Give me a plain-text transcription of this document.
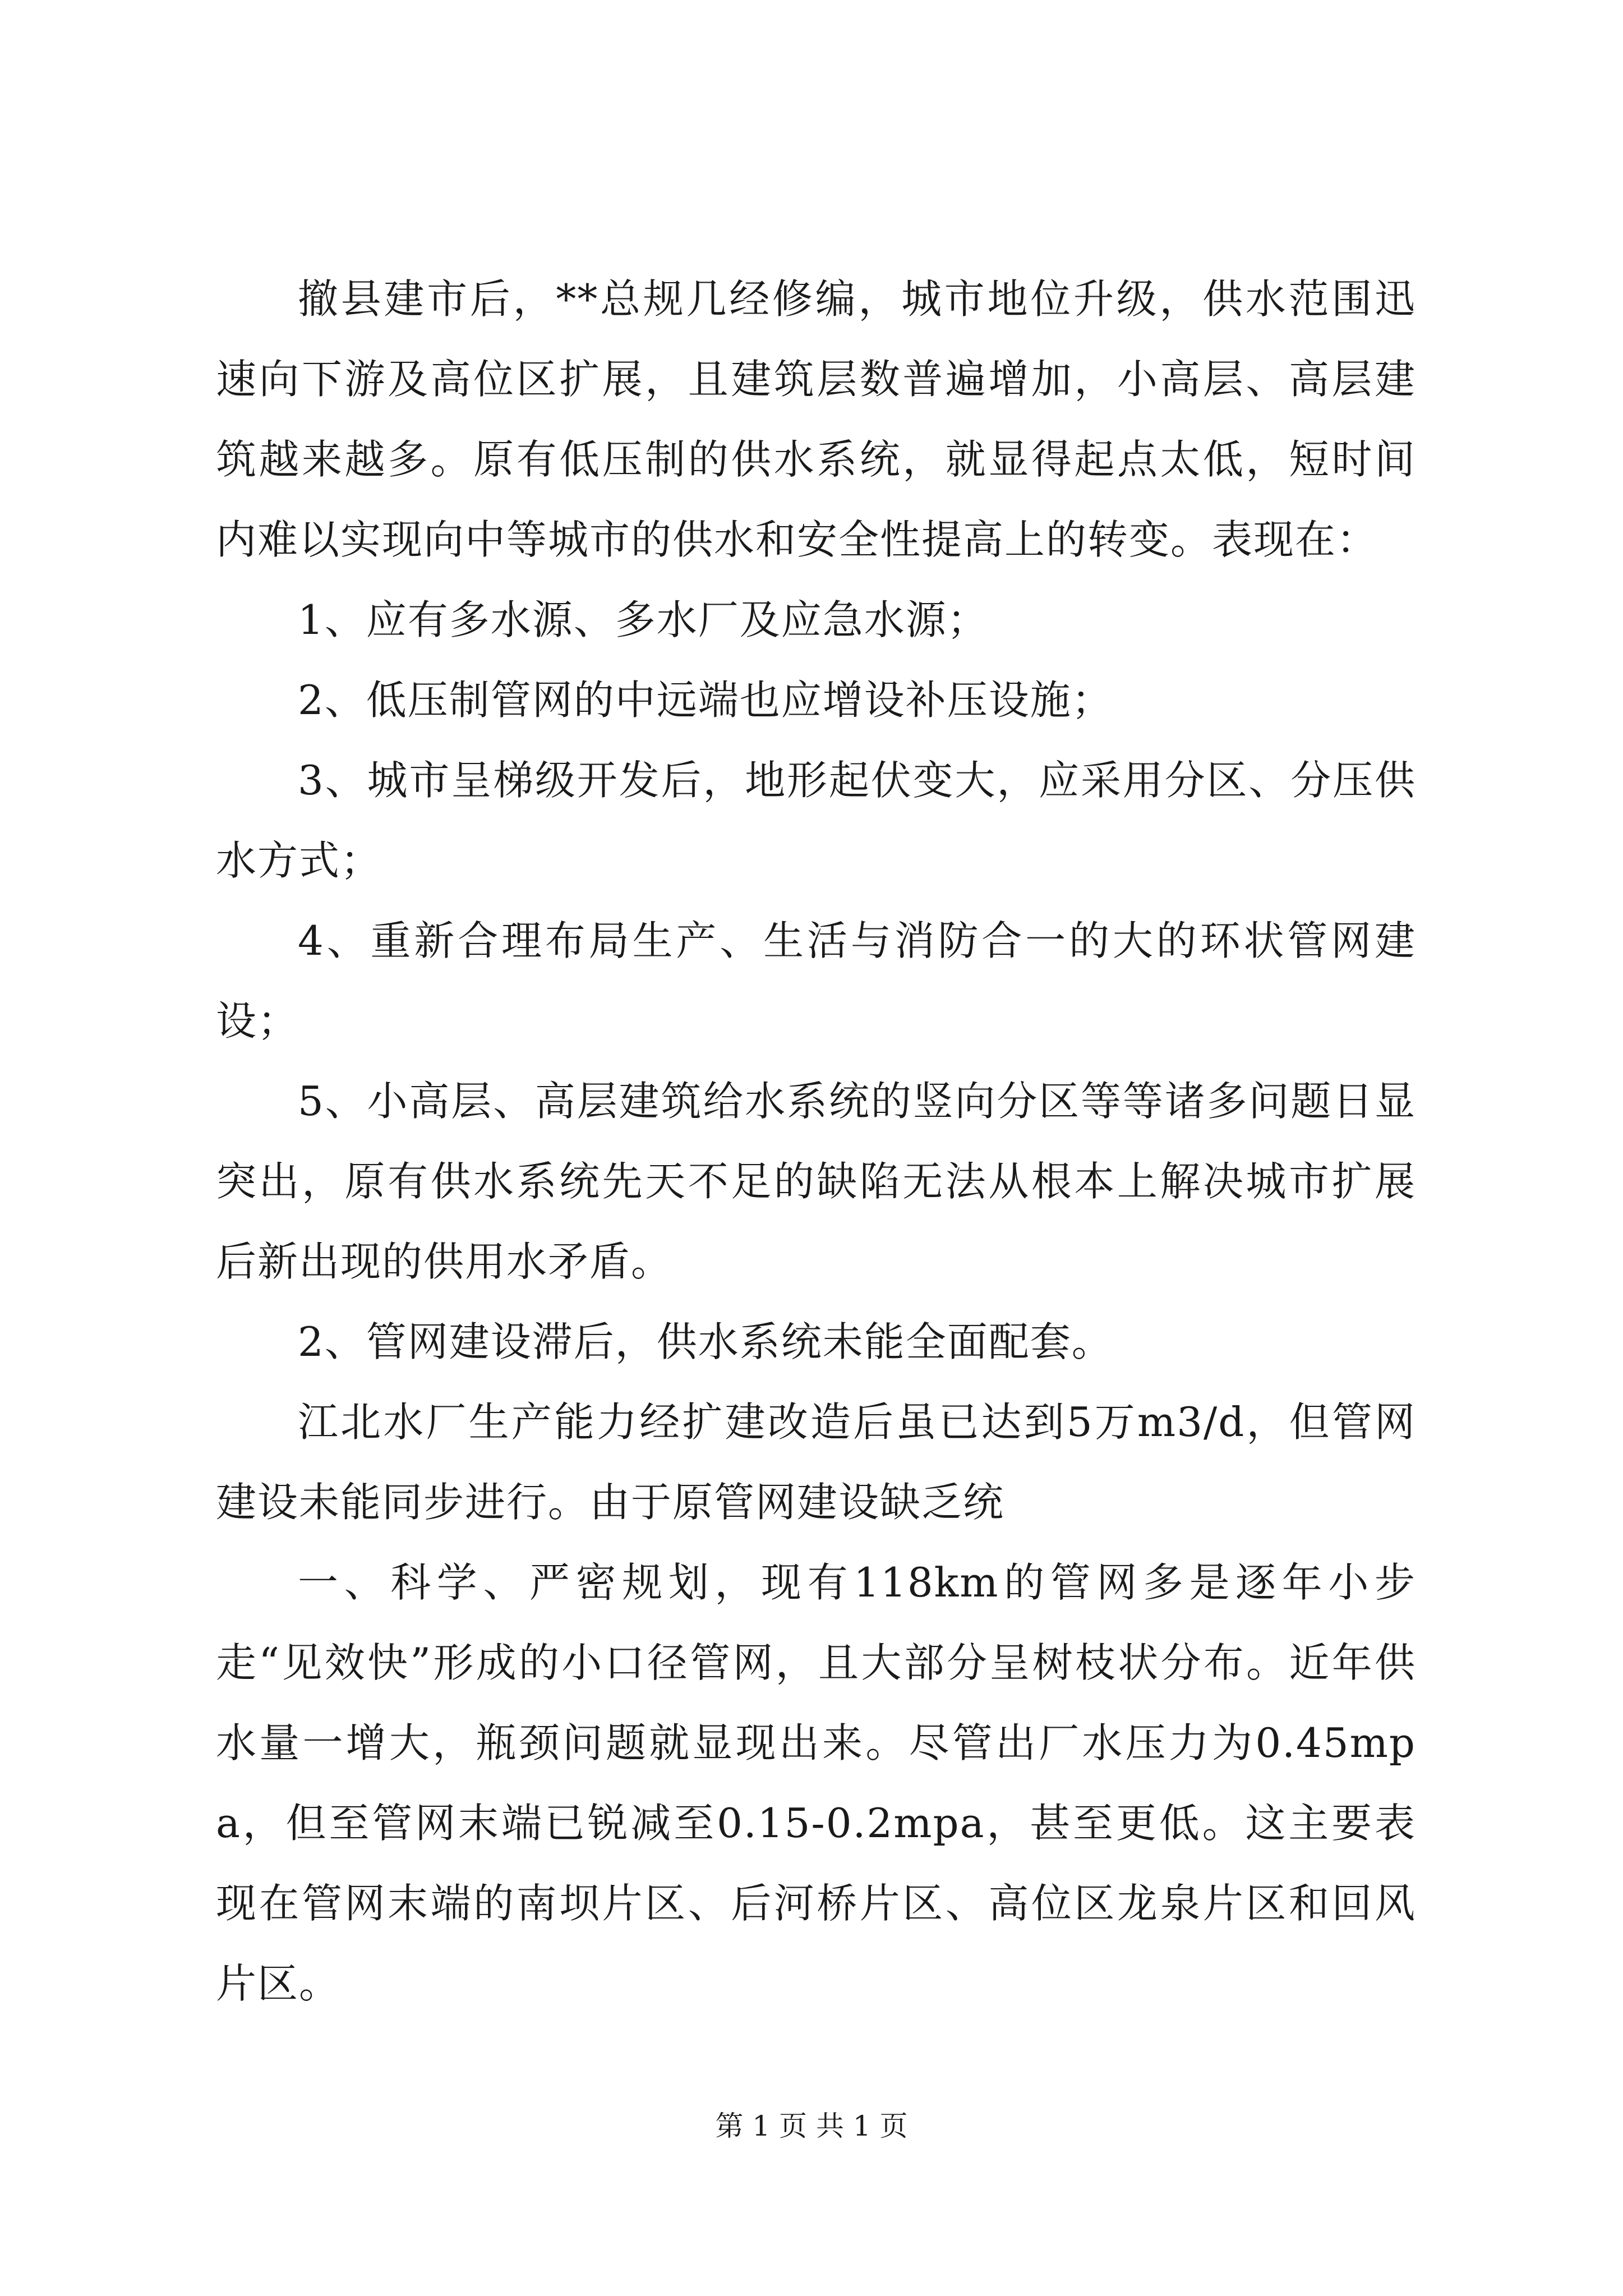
撤县建市后，**总规几经修编，城市地位升级，供水范围迅速向下游及高位区扩展，且建筑层数普遍增加，小高层、高层建筑越来越多。原有低压制的供水系统，就显得起点太低，短时间内难以实现向中等城市的供水和安全性提高上的转变。表现在：

1、应有多水源、多水厂及应急水源；

2、低压制管网的中远端也应增设补压设施；

3、城市呈梯级开发后，地形起伏变大，应采用分区、分压供水方式；

4、重新合理布局生产、生活与消防合一的大的环状管网建设；

5、小高层、高层建筑给水系统的竖向分区等等诸多问题日显突出，原有供水系统先天不足的缺陷无法从根本上解决城市扩展后新出现的供用水矛盾。

2、管网建设滞后，供水系统未能全面配套。

江北水厂生产能力经扩建改造后虽已达到5万m3/d，但管网建设未能同步进行。由于原管网建设缺乏统

一、科学、严密规划，现有118km的管网多是逐年小步走“见效快”形成的小口径管网，且大部分呈树枝状分布。近年供水量一增大，瓶颈问题就显现出来。尽管出厂水压力为0.45mpa，但至管网末端已锐减至0.15-0.2mpa，甚至更低。这主要表现在管网末端的南坝片区、后河桥片区、高位区龙泉片区和回风片区。

第 1 页 共 1 页
